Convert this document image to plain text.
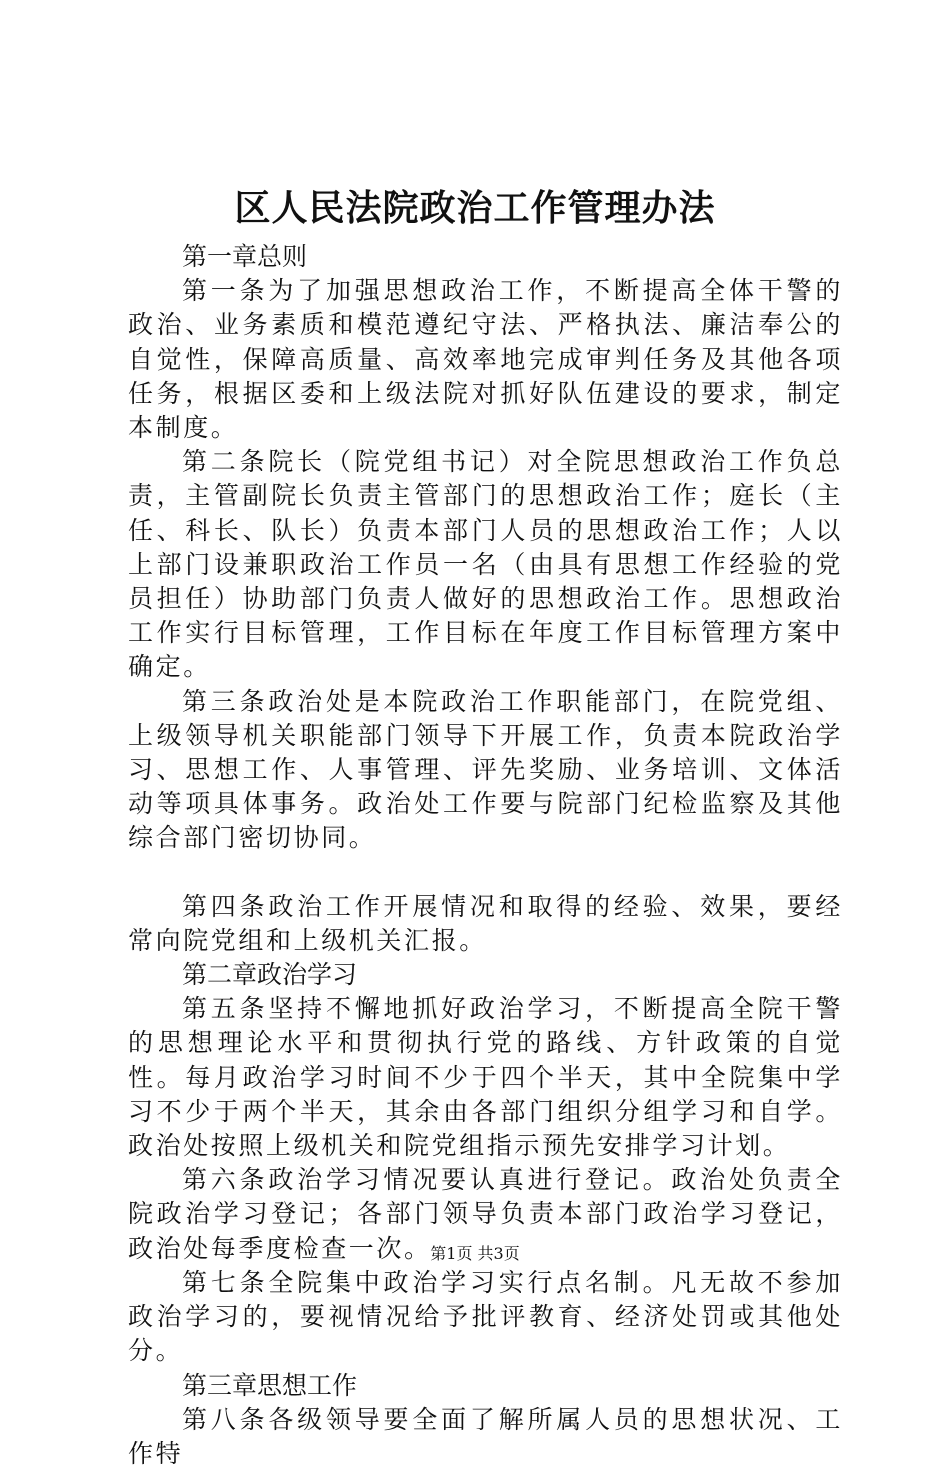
区人民法院政治工作管理办法

第一章总则

第一条为了加强思想政治工作，不断提高全体干警的政治、业务素质和模范遵纪守法、严格执法、廉洁奉公的自觉性，保障高质量、高效率地完成审判任务及其他各项任务，根据区委和上级法院对抓好队伍建设的要求，制定本制度。

第二条院长（院党组书记）对全院思想政治工作负总责，主管副院长负责主管部门的思想政治工作；庭长（主任、科长、队长）负责本部门人员的思想政治工作；人以上部门设兼职政治工作员一名（由具有思想工作经验的党员担任）协助部门负责人做好的思想政治工作。思想政治工作实行目标管理，工作目标在年度工作目标管理方案中确定。

第三条政治处是本院政治工作职能部门，在院党组、上级领导机关职能部门领导下开展工作，负责本院政治学习、思想工作、人事管理、评先奖励、业务培训、文体活动等项具体事务。政治处工作要与院部门纪检监察及其他综合部门密切协同。

第四条政治工作开展情况和取得的经验、效果，要经常向院党组和上级机关汇报。

第二章政治学习

第五条坚持不懈地抓好政治学习，不断提高全院干警的思想理论水平和贯彻执行党的路线、方针政策的自觉性。每月政治学习时间不少于四个半天，其中全院集中学习不少于两个半天，其余由各部门组织分组学习和自学。政治处按照上级机关和院党组指示预先安排学习计划。

第六条政治学习情况要认真进行登记。政治处负责全院政治学习登记；各部门领导负责本部门政治学习登记，政治处每季度检查一次。

第七条全院集中政治学习实行点名制。凡无故不参加政治学习的，要视情况给予批评教育、经济处罚或其他处分。

第三章思想工作

第八条各级领导要全面了解所属人员的思想状况、工作特

第1页 共3页
